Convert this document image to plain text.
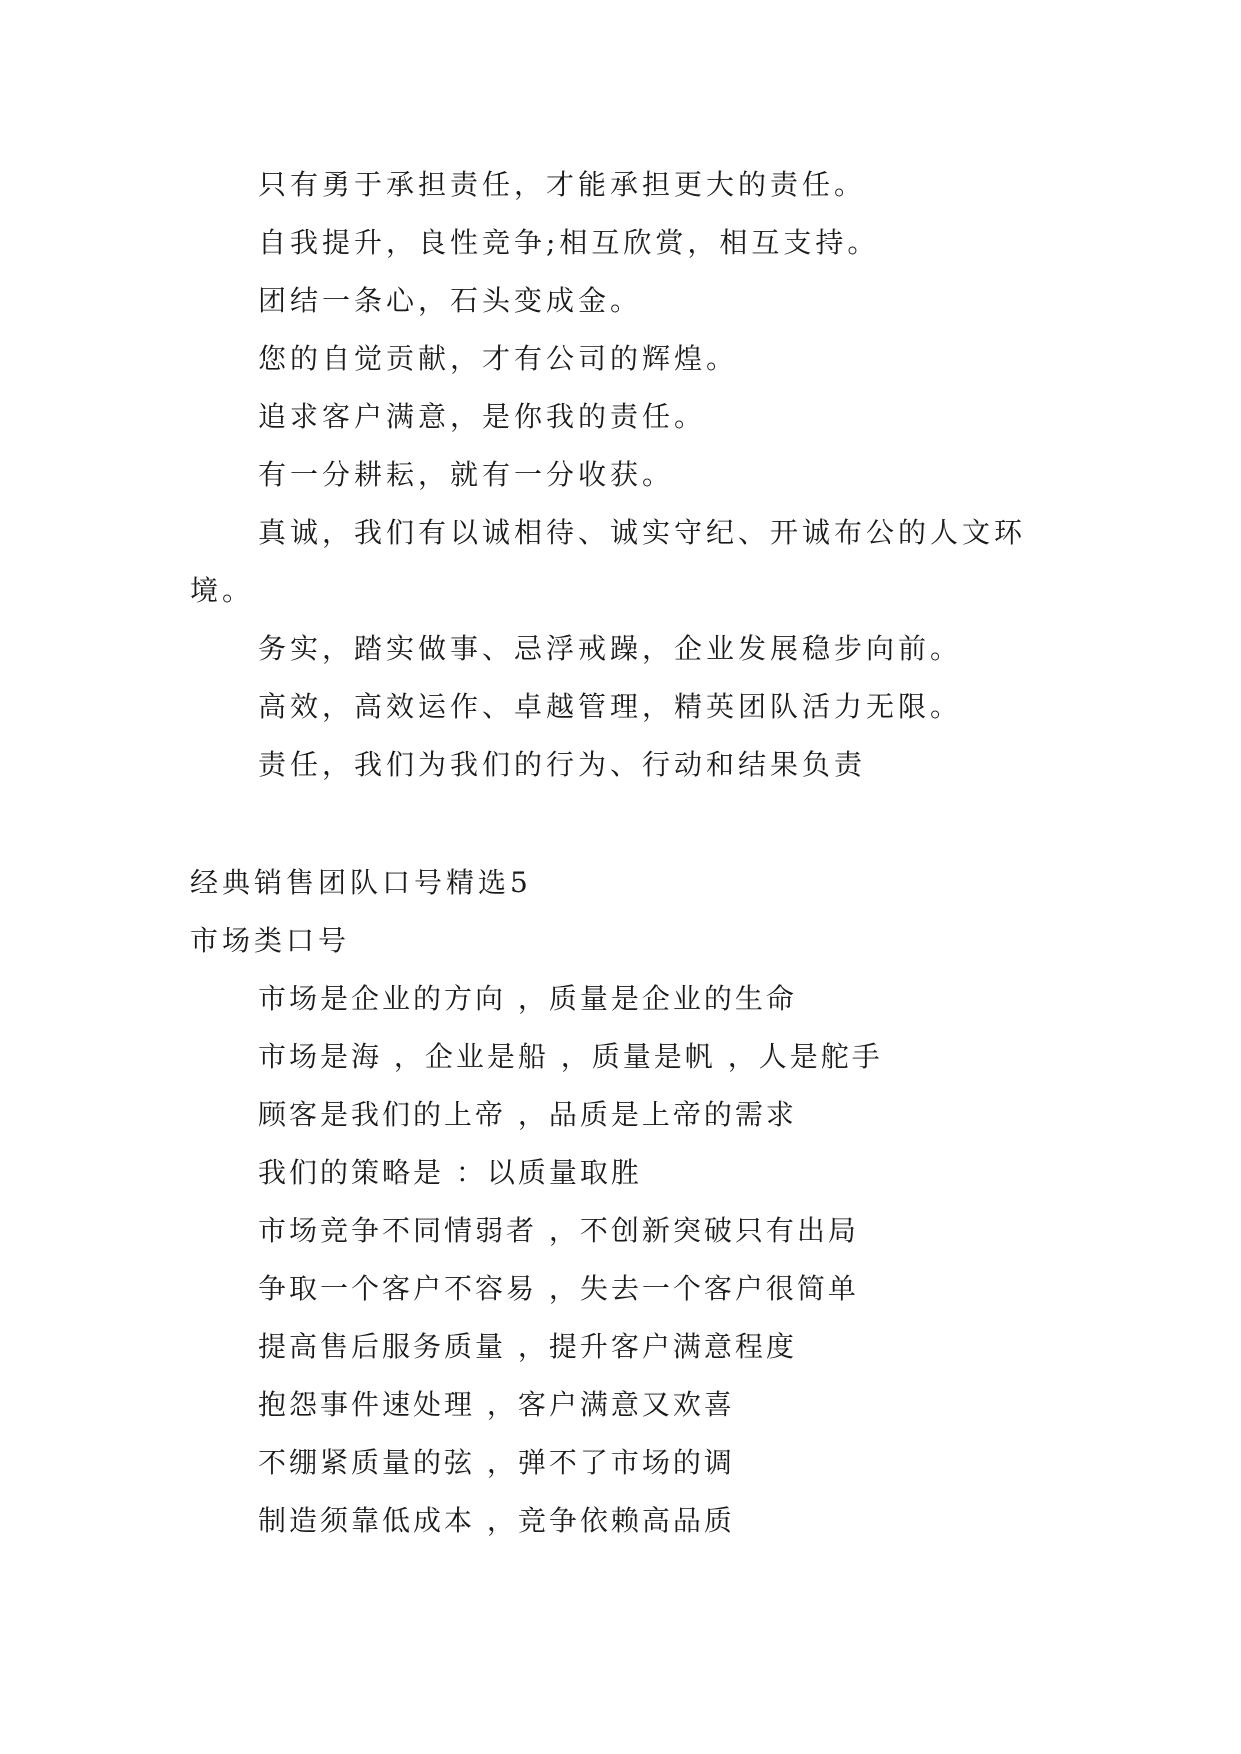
只有勇于承担责任，才能承担更大的责任。
自我提升，良性竞争;相互欣赏，相互支持。
团结一条心，石头变成金。
您的自觉贡献，才有公司的辉煌。
追求客户满意，是你我的责任。
有一分耕耘，就有一分收获。
真诚，我们有以诚相待、诚实守纪、开诚布公的人文环
境。
务实，踏实做事、忌浮戒躁，企业发展稳步向前。
高效，高效运作、卓越管理，精英团队活力无限。
责任，我们为我们的行为、行动和结果负责
经典销售团队口号精选5
市场类口号
市场是企业的方向 ，质量是企业的生命
市场是海 ，企业是船 ，质量是帆 ，人是舵手
顾客是我们的上帝 ，品质是上帝的需求
我们的策略是 ：以质量取胜
市场竞争不同情弱者 ，不创新突破只有出局
争取一个客户不容易 ，失去一个客户很简单
提高售后服务质量 ，提升客户满意程度
抱怨事件速处理 ，客户满意又欢喜
不绷紧质量的弦 ，弹不了市场的调
制造须靠低成本 ，竞争依赖高品质
